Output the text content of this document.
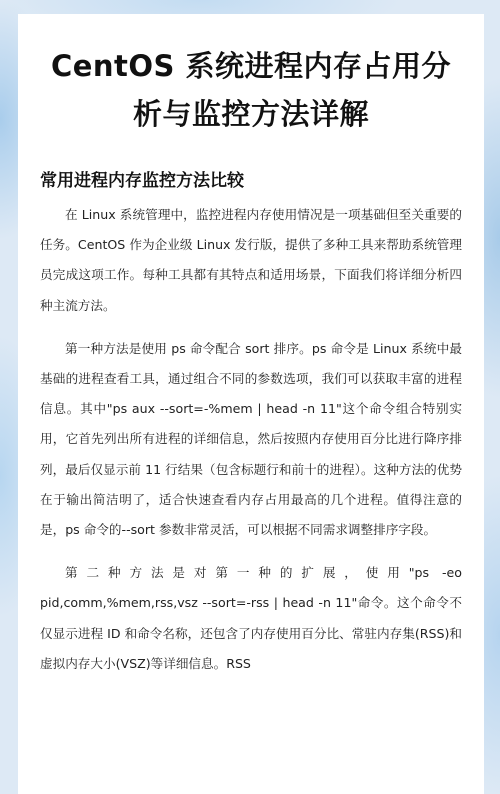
CentOS 系统进程内存占用分析与监控方法详解
常用进程内存监控方法比较

在 Linux 系统管理中，监控进程内存使用情况是一项基础但至关重要的任务。CentOS 作为企业级 Linux 发行版，提供了多种工具来帮助系统管理员完成这项工作。每种工具都有其特点和适用场景，下面我们将详细分析四种主流方法。

第一种方法是使用 ps 命令配合 sort 排序。ps 命令是 Linux 系统中最基础的进程查看工具，通过组合不同的参数选项，我们可以获取丰富的进程信息。其中"ps aux --sort=-%mem | head -n 11"这个命令组合特别实用，它首先列出所有进程的详细信息，然后按照内存使用百分比进行降序排列，最后仅显示前 11 行结果（包含标题行和前十的进程）。这种方法的优势在于输出简洁明了，适合快速查看内存占用最高的几个进程。值得注意的是，ps 命令的--sort 参数非常灵活，可以根据不同需求调整排序字段。

第二种方法是对第一种的扩展，使用"ps -eo pid,comm,%mem,rss,vsz --sort=-rss | head -n 11"命令。这个命令不仅显示进程 ID 和命令名称，还包含了内存使用百分比、常驻内存集(RSS)和虚拟内存大小(VSZ)等详细信息。RSS
